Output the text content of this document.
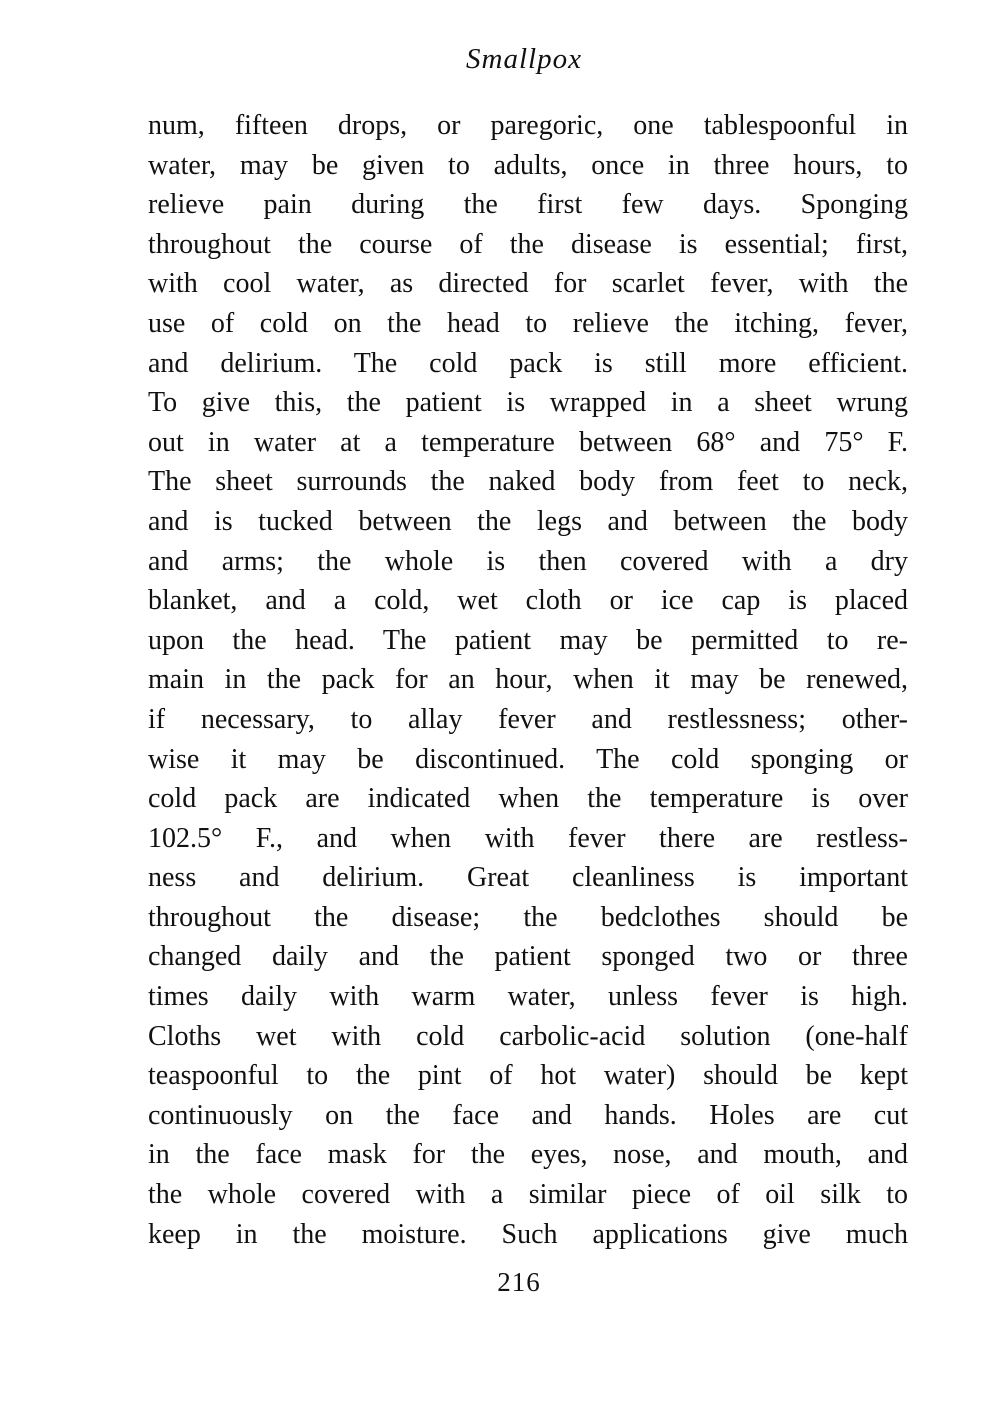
Smallpox
num, fifteen drops, or paregoric, one tablespoonful in
water, may be given to adults, once in three hours, to
relieve pain during the first few days. Sponging
throughout the course of the disease is essential; first,
with cool water, as directed for scarlet fever, with the
use of cold on the head to relieve the itching, fever,
and delirium. The cold pack is still more efficient.
To give this, the patient is wrapped in a sheet wrung
out in water at a temperature between 68° and 75° F.
The sheet surrounds the naked body from feet to neck,
and is tucked between the legs and between the body
and arms; the whole is then covered with a dry
blanket, and a cold, wet cloth or ice cap is placed
upon the head. The patient may be permitted to re-
main in the pack for an hour, when it may be renewed,
if necessary, to allay fever and restlessness; other-
wise it may be discontinued. The cold sponging or
cold pack are indicated when the temperature is over
102.5° F., and when with fever there are restless-
ness and delirium. Great cleanliness is important
throughout the disease; the bedclothes should be
changed daily and the patient sponged two or three
times daily with warm water, unless fever is high.
Cloths wet with cold carbolic-acid solution (one-half
teaspoonful to the pint of hot water) should be kept
continuously on the face and hands. Holes are cut
in the face mask for the eyes, nose, and mouth, and
the whole covered with a similar piece of oil silk to
keep in the moisture. Such applications give much
216
